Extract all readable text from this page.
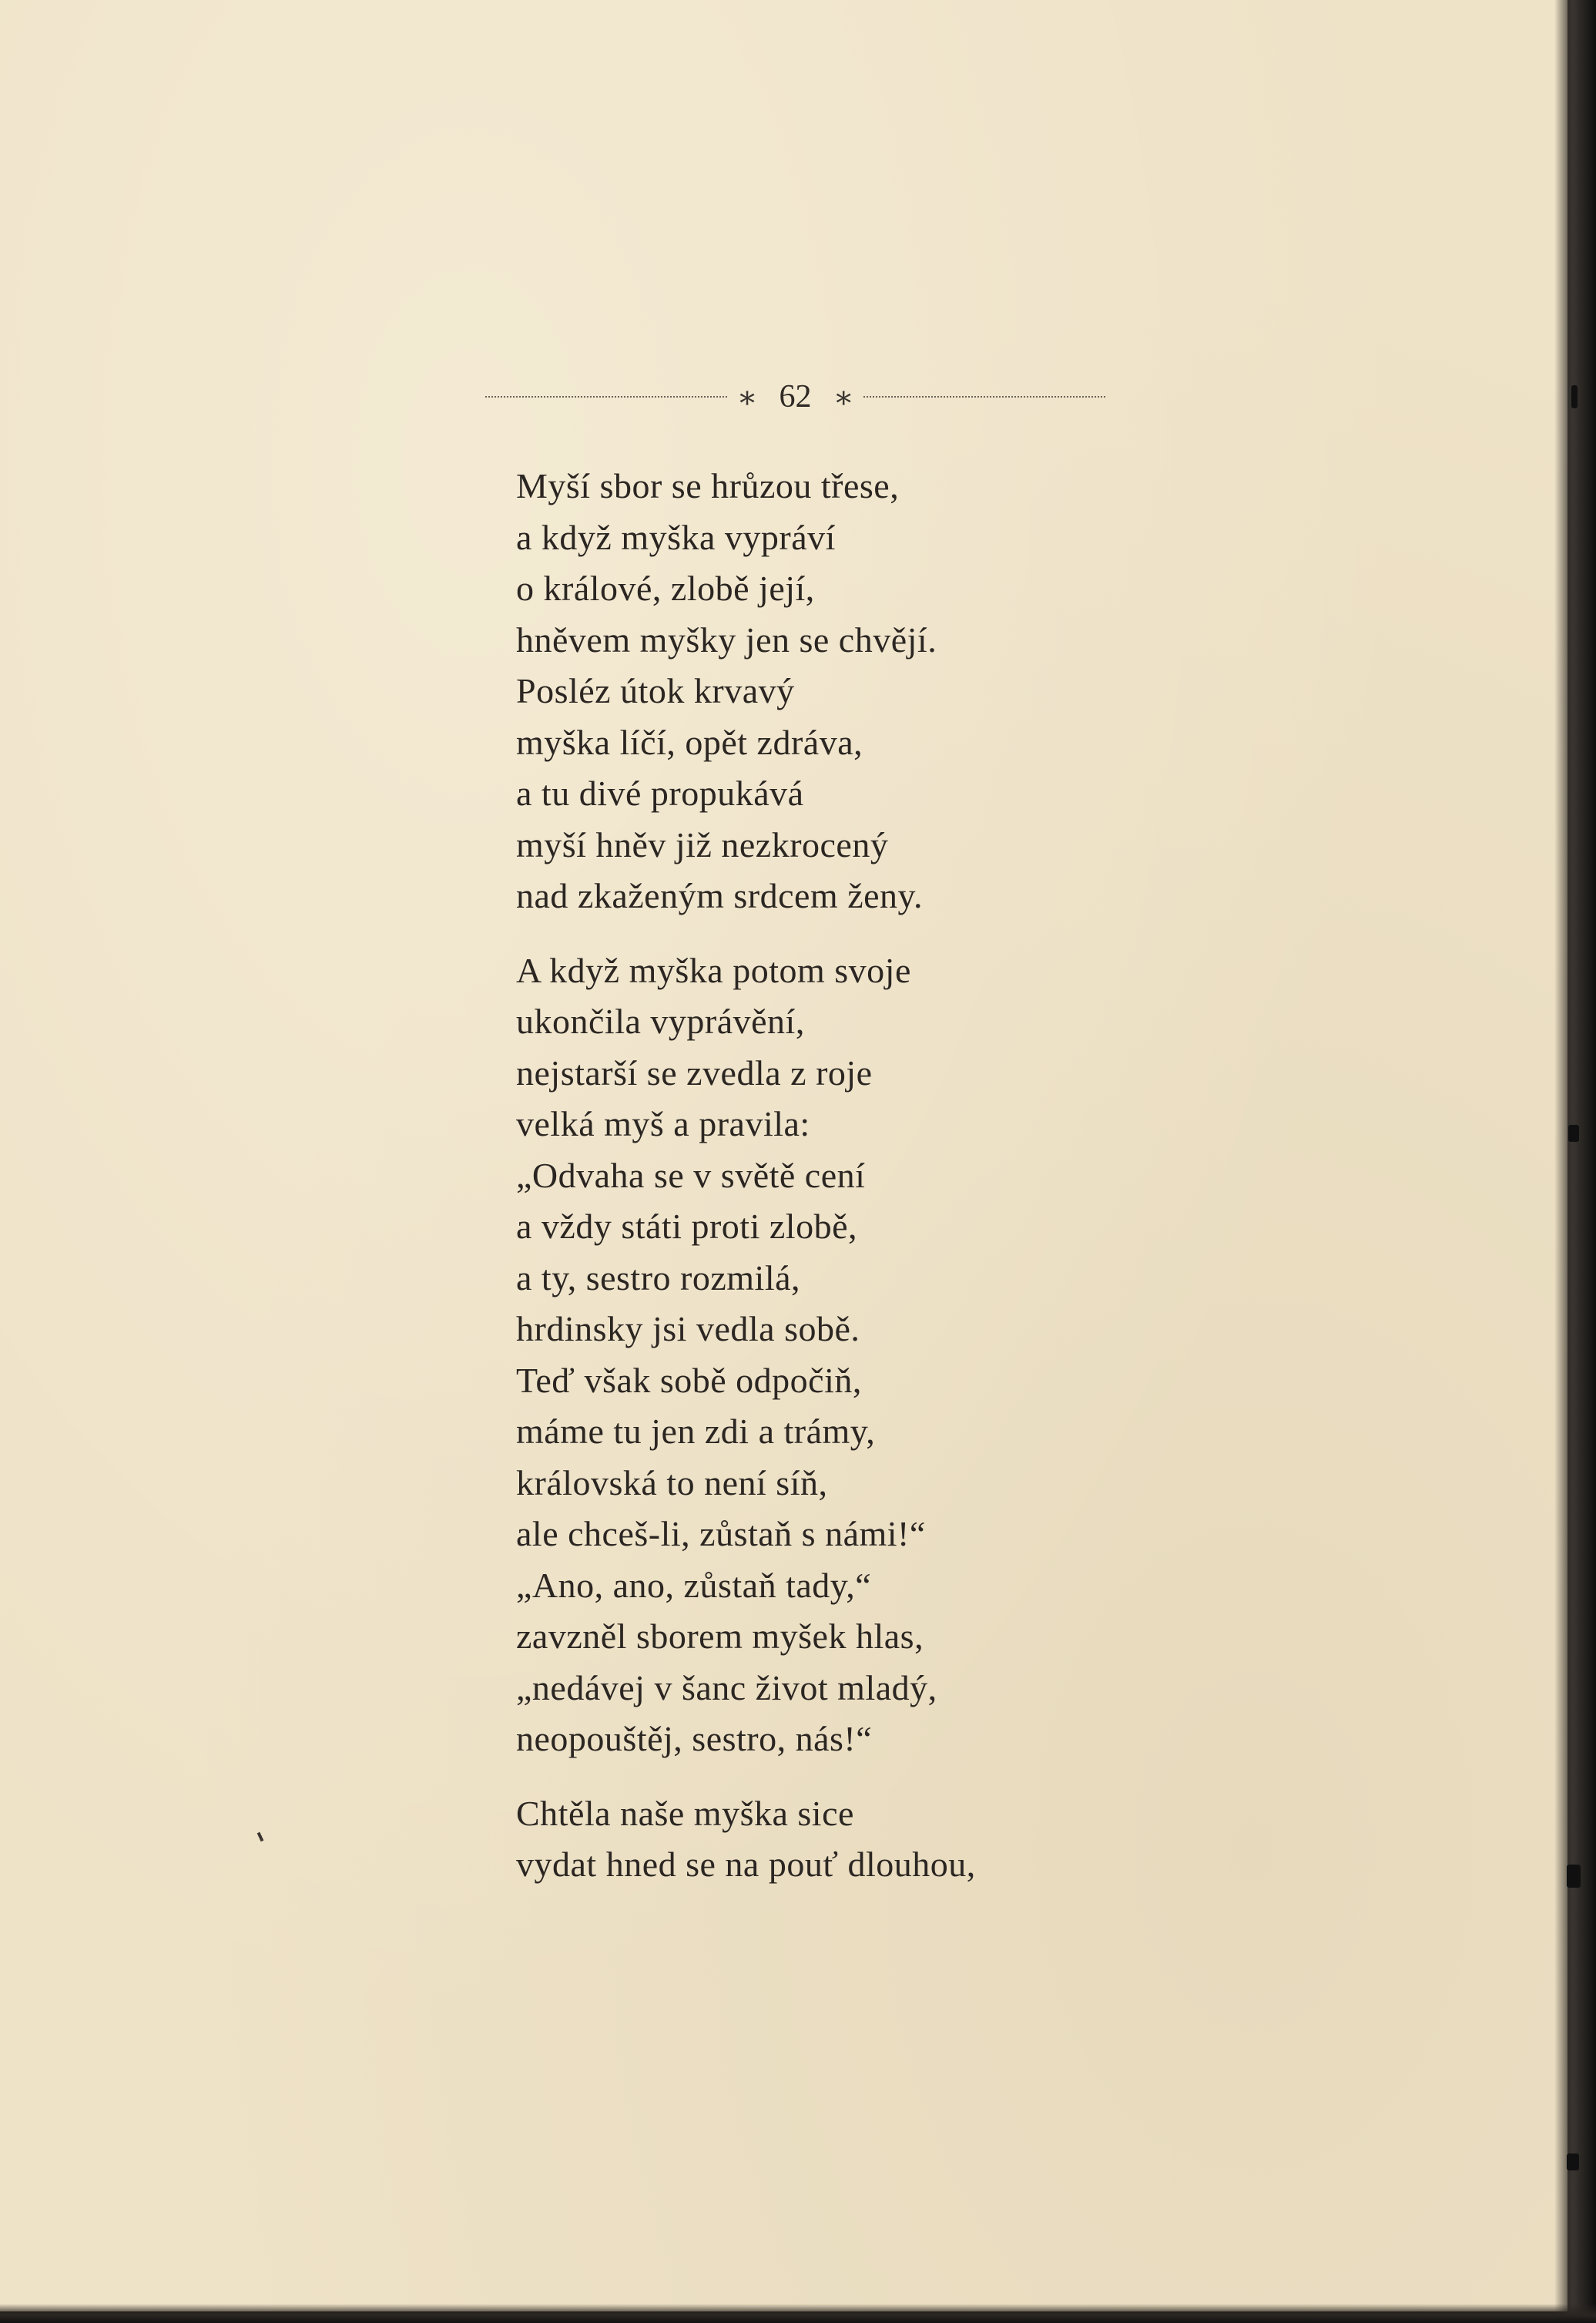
∗ 62 ∗
Myší sbor se hrůzou třese,
a když myška vypráví
o králové, zlobě její,
hněvem myšky jen se chvějí.
Posléz útok krvavý
myška líčí, opět zdráva,
a tu divé propukává
myší hněv již nezkrocený
nad zkaženým srdcem ženy.
A když myška potom svoje
ukončila vyprávění,
nejstarší se zvedla z roje
velká myš a pravila:
„Odvaha se v světě cení
a vždy státi proti zlobě,
a ty, sestro rozmilá,
hrdinsky jsi vedla sobě.
Teď však sobě odpočiň,
máme tu jen zdi a trámy,
královská to není síň,
ale chceš-li, zůstaň s námi!“
„Ano, ano, zůstaň tady,“
zavzněl sborem myšek hlas,
„nedávej v šanc život mladý,
neopouštěj, sestro, nás!“
Chtěla naše myška sice
vydat hned se na pouť dlouhou,
